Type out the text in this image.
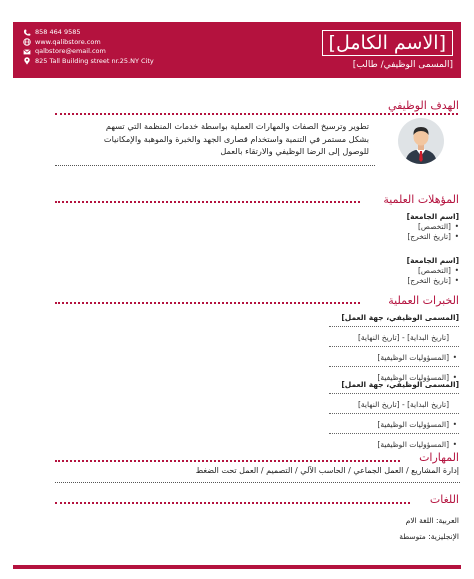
858 464 9585
www.qalibstore.com
qalbstore@email.com
825 Tall Building street nr.25.NY City
[الاسم الكامل]
[المسمى الوظيفي/ طالب]
الهدف الوظيفي
تطوير وترسيخ الصفات والمهارات العملية بواسطة خدمات المنظمة التي تسهم بشكل مستمر في التنمية واستخدام قصارى الجهد والخبرة والموهبة والإمكانيات للوصول إلى الرضا الوظيفي والارتقاء بالعمل
المؤهلات العلمية
[اسم الجامعة]
• [التخصص]
• [تاريخ التخرج]
[اسم الجامعة]
• [التخصص]
• [تاريخ التخرج]
الخبرات العملية
[المسمى الوظيفي، جهة العمل]
[تاريخ البداية] - [تاريخ النهاية]
• [المسؤوليات الوظيفية]
• [المسؤوليات الوظيفية]
[المسمى الوظيفي، جهة العمل]
[تاريخ البداية] - [تاريخ النهاية]
• [المسؤوليات الوظيفية]
• [المسؤوليات الوظيفية]
المهارات
إدارة المشاريع / العمل الجماعي / الحاسب الآلي / التصميم / العمل تحت الضغط
اللغات
العربية: اللغة الام
الإنجليزية: متوسطة
